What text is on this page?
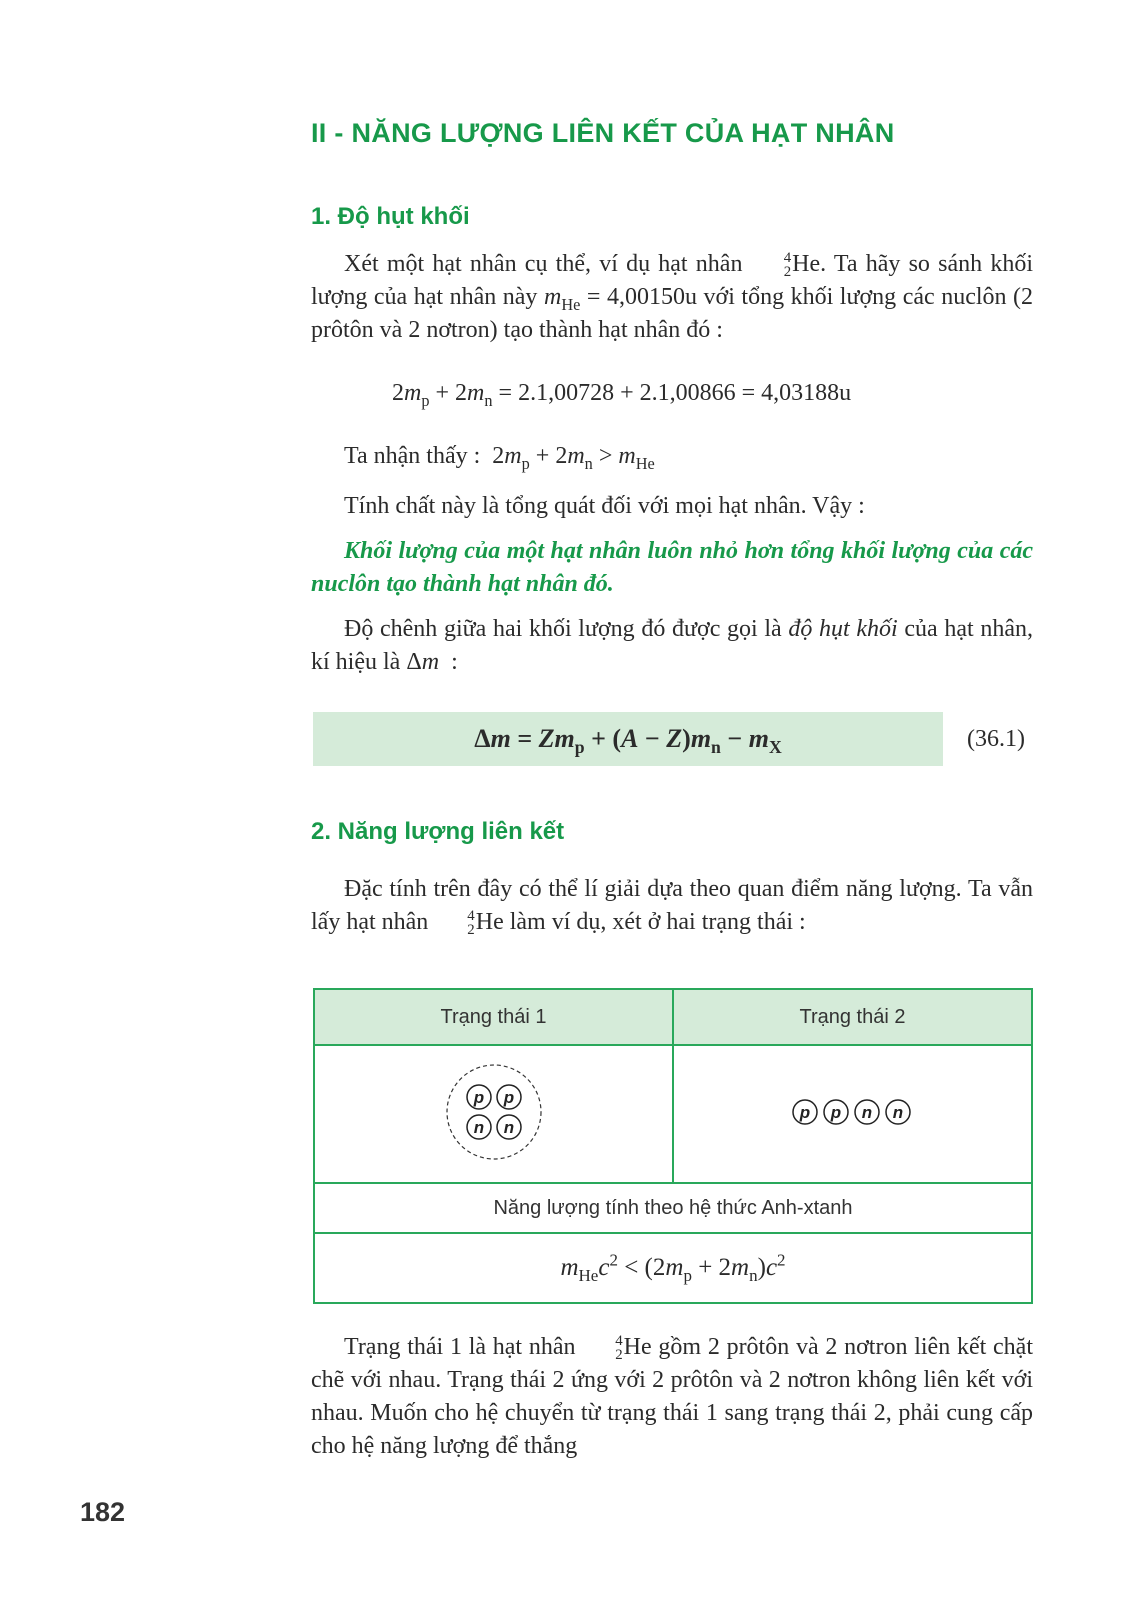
II - NĂNG LƯỢNG LIÊN KẾT CỦA HẠT NHÂN
1. Độ hụt khối

Xét một hạt nhân cụ thể, ví dụ hạt nhân	4
2 He. Ta hãy so sánh khối lượng của hạt nhân này $m_{He} = 4,00150u$ với tổng khối lượng các nuclôn (2 prôtôn và 2 nơtron) tạo thành hạt nhân đó :

$2m_p + 2m_n = 2.1,00728 + 2.1,00866 = 4,03188u$

Ta nhận thấy : $2m_p + 2m_n > m_{He}$

Tính chất này là tổng quát đối với mọi hạt nhân. Vậy :

Khối lượng của một hạt nhân luôn nhỏ hơn tổng khối lượng của các nuclôn tạo thành hạt nhân đó.

Độ chênh giữa hai khối lượng đó được gọi là độ hụt khối của hạt nhân, kí hiệu là Δm  :

$\Delta m = Zm_p + (A - Z)m_n - m_X$	(36.1)
2. Năng lượng liên kết

Đặc tính trên đây có thể lí giải dựa theo quan điểm năng lượng. Ta vẫn lấy hạt nhân	4
2 He làm ví dụ, xét ở hai trạng thái :

Trạng thái 1	Trạng thái 2

p p
n n	p p n n

Năng lượng tính theo hệ thức Anh-xtanh	
$m_{He}c^2 < (2m_p + 2m_n)c^2$

Trạng thái 1 là hạt nhân	4
2 He gồm 2 prôtôn và 2 nơtron liên kết chặt chẽ với nhau. Trạng thái 2 ứng với 2 prôtôn và 2 nơtron không liên kết với nhau. Muốn cho hệ chuyển từ trạng thái 1 sang trạng thái 2, phải cung cấp cho hệ năng lượng để thắng

182
